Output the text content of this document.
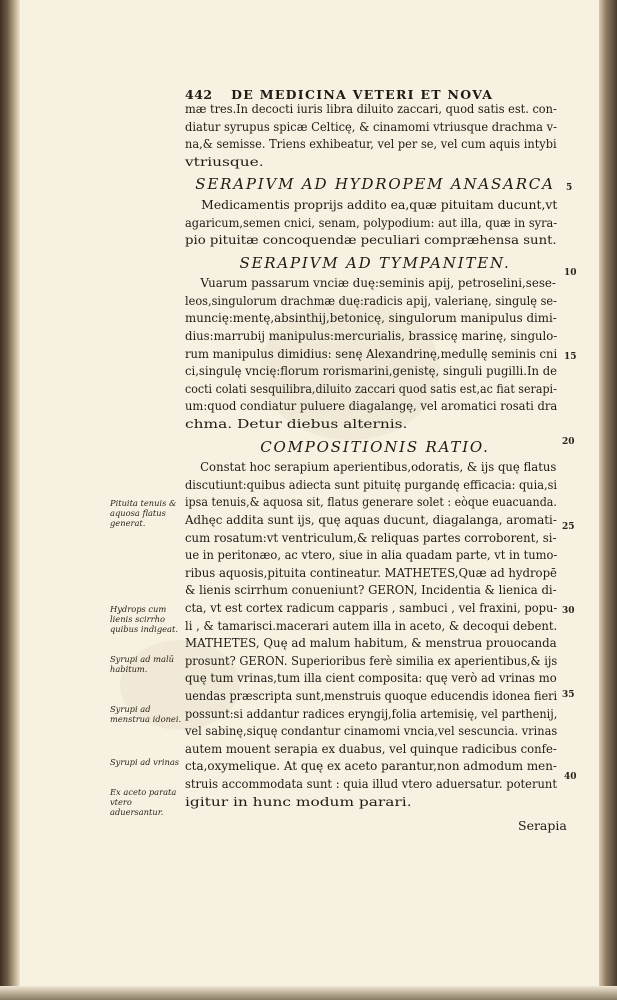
442 DE MEDICINA VETERI ET NOVA
mæ tres.In decocti iuris libra diluito zaccari, quod satis est. con-
diatur syrupus spicæ Celticę, & cinamomi vtriusque drachma v-
na,& semisse. Triens exhibeatur, vel per se, vel cum aquis intybi
vtriusque.
SERAPIVM AD HYDROPEM ANASARCA
Medicamentis proprijs addito ea,quæ pituitam ducunt,vt
agaricum,semen cnici, senam, polypodium: aut illa, quæ in syra-
pio pituitæ concoquendæ peculiari compræhensa sunt.
SERAPIVM AD TYMPANITEN.
Vuarum passarum vnciæ duę:seminis apij, petroselini,sese-
leos,singulorum drachmæ duę:radicis apij, valerianę, singulę se-
muncię:mentę,absinthij,betonicę, singulorum manipulus dimi-
dius:marrubij manipulus:mercurialis, brassicę marinę, singulo-
rum manipulus dimidius: senę Alexandrinę,medullę seminis cni
ci,singulę vncię:florum rorismarini,genistę, singuli pugilli.In de
cocti colati sesquilibra,diluito zaccari quod satis est,ac fiat serapi-
um:quod condiatur puluere diagalangę, vel aromatici rosati dra
chma. Detur diebus alternis.
COMPOSITIONIS RATIO.
Constat hoc serapium aperientibus,odoratis, & ijs quę flatus
discutiunt:quibus adiecta sunt pituitę purgandę efficacia: quia,si
ipsa tenuis,& aquosa sit, flatus generare solet : eòque euacuanda.
Adhęc addita sunt ijs, quę aquas ducunt, diagalanga, aromati-
cum rosatum:vt ventriculum,& reliquas partes corroborent, si-
ue in peritonæo, ac vtero, siue in alia quadam parte, vt in tumo-
ribus aquosis,pituita contineatur. MATHETES,Quæ ad hydropē
& lienis scirrhum conueniunt? GERON, Incidentia & lienica di-
cta, vt est cortex radicum capparis , sambuci , vel fraxini, popu-
li , & tamarisci.macerari autem illa in aceto, & decoqui debent.
MATHETES, Quę ad malum habitum, & menstrua prouocanda
prosunt? GERON. Superioribus ferè similia ex aperientibus,& ijs
quę tum vrinas,tum illa cient composita: quę verò ad vrinas mo
uendas præscripta sunt,menstruis quoque educendis idonea fieri
possunt:si addantur radices eryngij,folia artemisię, vel parthenij,
vel sabinę,siquę condantur cinamomi vncia,vel sescuncia. vrinas
autem mouent serapia ex duabus, vel quinque radicibus confe-
cta,oxymelique. At quę ex aceto parantur,non admodum men-
struis accommodata sunt : quia illud vtero aduersatur. poterunt
igitur in hunc modum parari.
Pituita tenuis & aquosa flatus generat.
Hydrops cum lienis scirrho quibus indigeat.
Syrupi ad malū habitum.
Syrupi ad menstrua idonei.
Syrupi ad vrinas
Ex aceto parata vtero aduersantur.
5
10
15
20
25
30
35
40
Serapia
